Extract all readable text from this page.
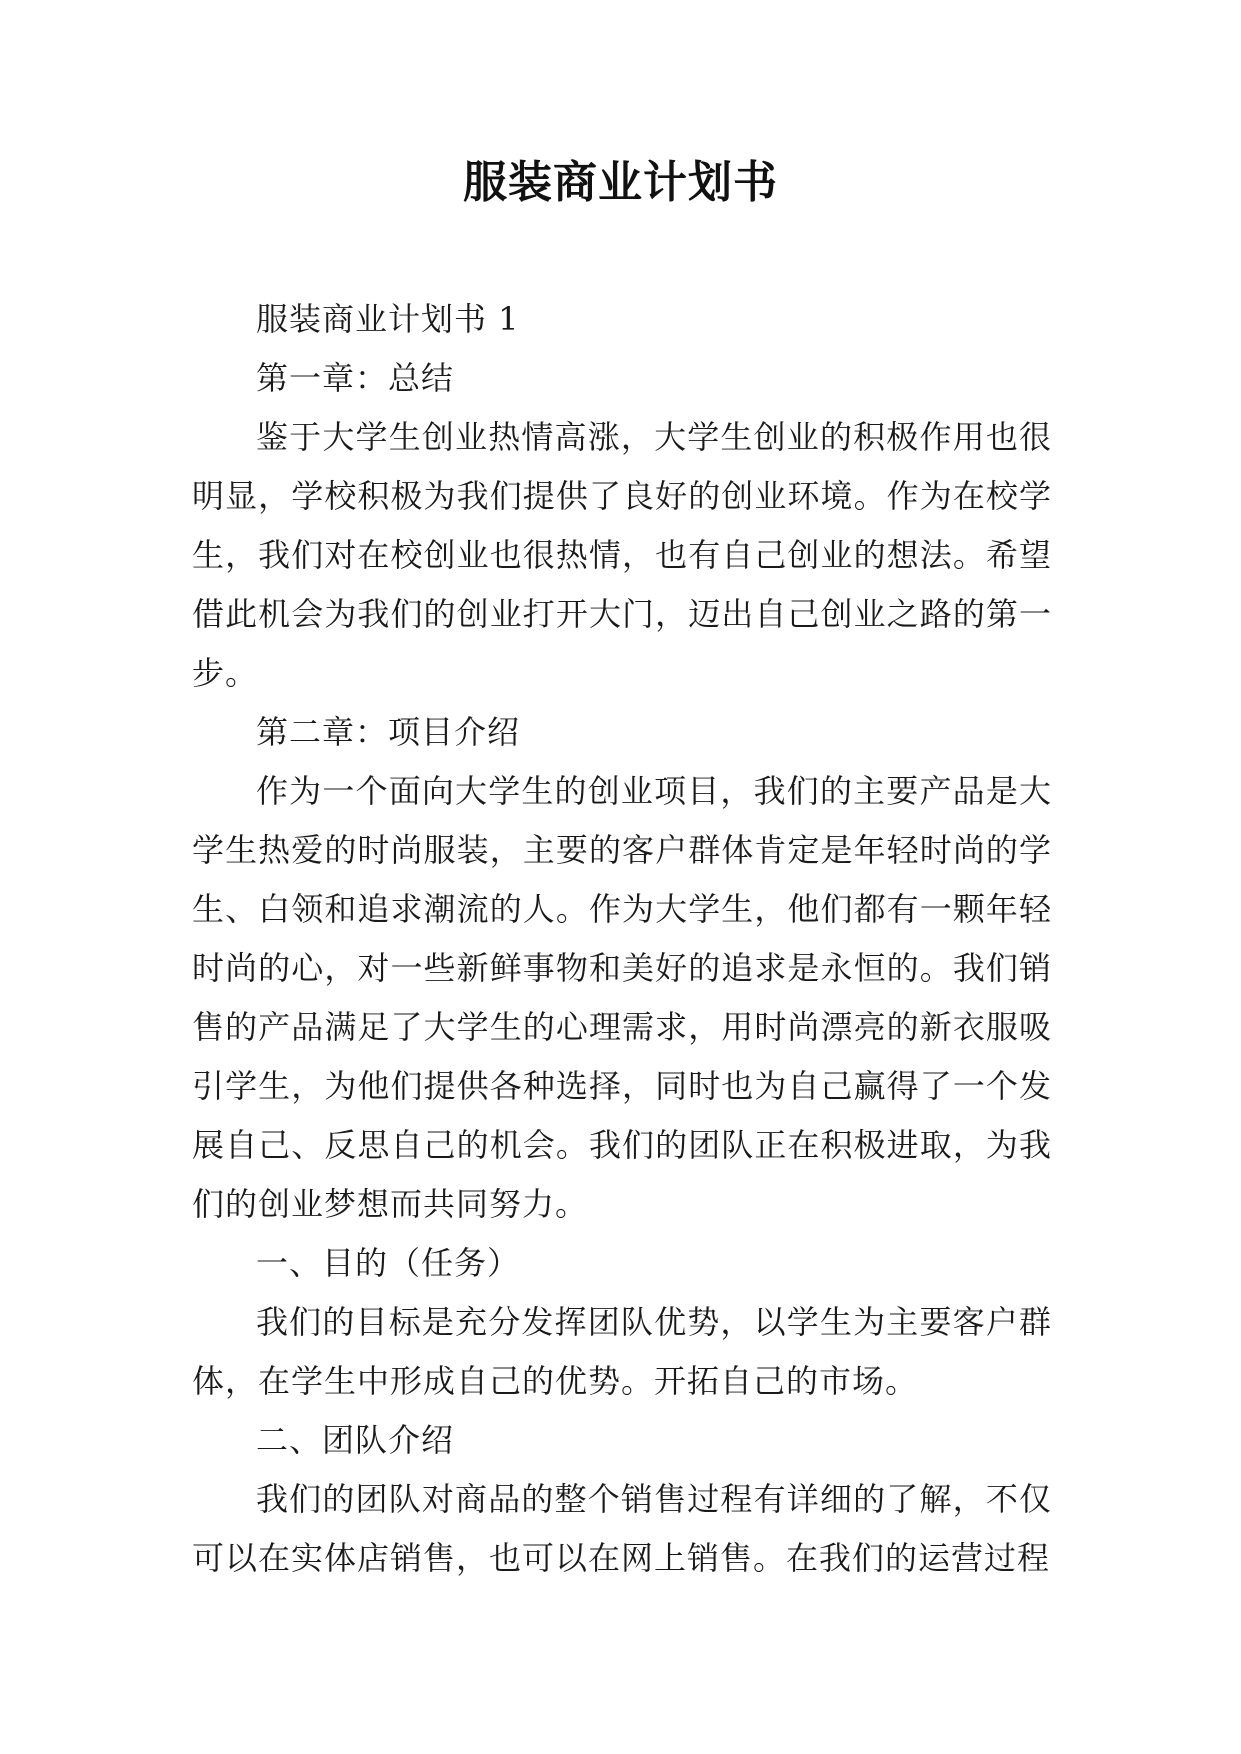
服装商业计划书

服装商业计划书 1

第一章：总结

鉴于大学生创业热情高涨，大学生创业的积极作用也很明显，学校积极为我们提供了良好的创业环境。作为在校学生，我们对在校创业也很热情，也有自己创业的想法。希望借此机会为我们的创业打开大门，迈出自己创业之路的第一步。

第二章：项目介绍

作为一个面向大学生的创业项目，我们的主要产品是大学生热爱的时尚服装，主要的客户群体肯定是年轻时尚的学生、白领和追求潮流的人。作为大学生，他们都有一颗年轻时尚的心，对一些新鲜事物和美好的追求是永恒的。我们销售的产品满足了大学生的心理需求，用时尚漂亮的新衣服吸引学生，为他们提供各种选择，同时也为自己赢得了一个发展自己、反思自己的机会。我们的团队正在积极进取，为我们的创业梦想而共同努力。

一、目的（任务）

我们的目标是充分发挥团队优势，以学生为主要客户群体，在学生中形成自己的优势。开拓自己的市场。

二、团队介绍

我们的团队对商品的整个销售过程有详细的了解，不仅可以在实体店销售，也可以在网上销售。在我们的运营过程
